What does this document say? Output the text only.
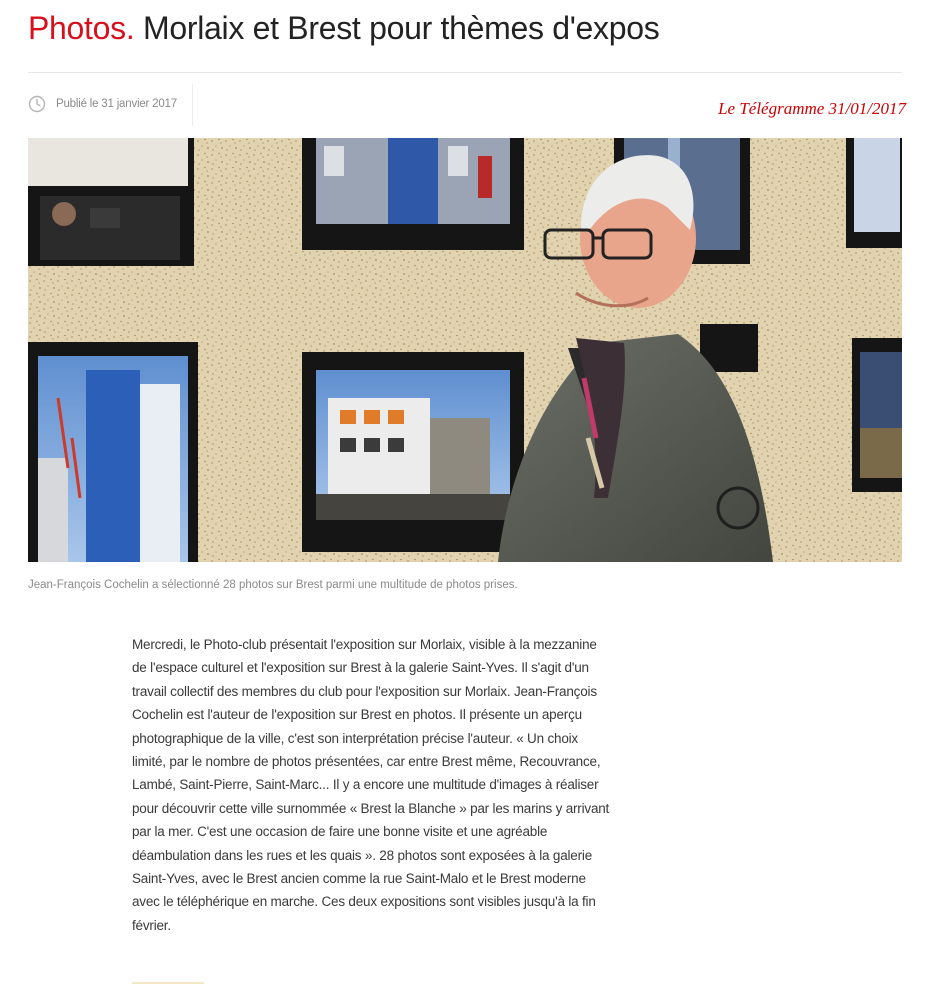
Photos. Morlaix et Brest pour thèmes d'expos
Publié le 31 janvier 2017	Le Télégramme 31/01/2017

Jean-François Cochelin a sélectionné 28 photos sur Brest parmi une multitude de photos prises.

Mercredi, le Photo-club présentait l'exposition sur Morlaix, visible à la mezzanine de l'espace culturel et l'exposition sur Brest à la galerie Saint-Yves. Il s'agit d'un travail collectif des membres du club pour l'exposition sur Morlaix. Jean-François Cochelin est l'auteur de l'exposition sur Brest en photos. Il présente un aperçu photographique de la ville, c'est son interprétation précise l'auteur. « Un choix limité, par le nombre de photos présentées, car entre Brest même, Recouvrance, Lambé, Saint-Pierre, Saint-Marc... Il y a encore une multitude d'images à réaliser pour découvrir cette ville surnommée « Brest la Blanche » par les marins y arrivant par la mer. C'est une occasion de faire une bonne visite et une agréable déambulation dans les rues et les quais ». 28 photos sont exposées à la galerie Saint-Yves, avec le Brest ancien comme la rue Saint-Malo et le Brest moderne avec le téléphérique en marche. Ces deux expositions sont visibles jusqu'à la fin février.
